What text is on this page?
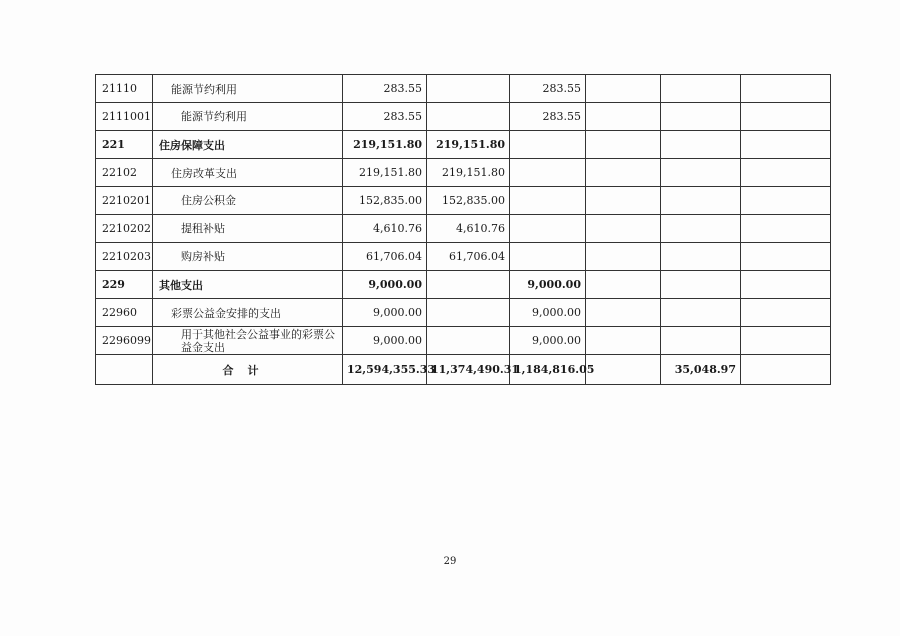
21110	能源节约利用	283.55		283.55			
2111001	能源节约利用	283.55		283.55			
221	住房保障支出	219,151.80	219,151.80				
22102	住房改革支出	219,151.80	219,151.80				
2210201	住房公积金	152,835.00	152,835.00				
2210202	提租补贴	4,610.76	4,610.76				
2210203	购房补贴	61,706.04	61,706.04				
229	其他支出	9,000.00		9,000.00			
22960	彩票公益金安排的支出	9,000.00		9,000.00			
2296099	用于其他社会公益事业的彩票公益金支出	9,000.00		9,000.00			
	合计	12,594,355.33	11,374,490.31	1,184,816.05		35,048.97	
29
